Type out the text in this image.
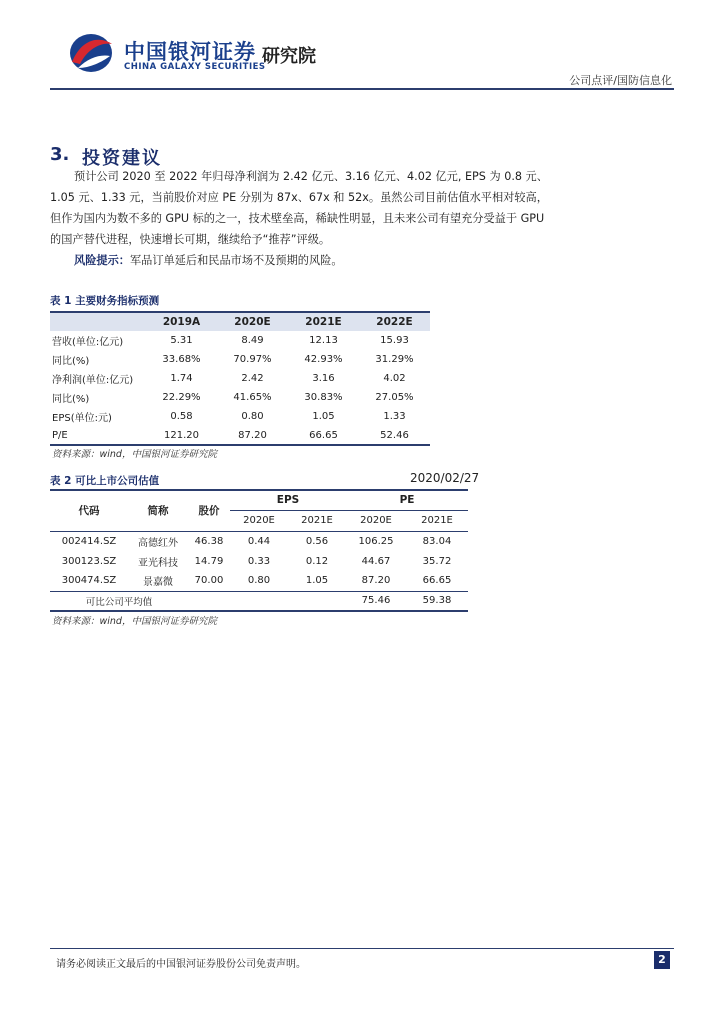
中国银河证券
CHINA GALAXY SECURITIES
研究院
公司点评/国防信息化
3. 投资建议

预计公司 2020 至 2022 年归母净利润为 2.42 亿元、3.16 亿元、4.02 亿元, EPS 为 0.8 元、1.05 元、1.33 元，当前股价对应 PE 分别为 87x、67x 和 52x。虽然公司目前估值水平相对较高，但作为国内为数不多的 GPU 标的之一，技术壁垒高，稀缺性明显，且未来公司有望充分受益于 GPU 的国产替代进程，快速增长可期，继续给予“推荐”评级。

风险提示：军品订单延后和民品市场不及预期的风险。
表 1 主要财务指标预测
	2019A	2020E	2021E	2022E
营收(单位:亿元)	5.31	8.49	12.13	15.93
同比(%)	33.68%	70.97%	42.93%	31.29%
净利润(单位:亿元)	1.74	2.42	3.16	4.02
同比(%)	22.29%	41.65%	30.83%	27.05%
EPS(单位:元)	0.58	0.80	1.05	1.33
P/E	121.20	87.20	66.65	52.46
资料来源：wind，中国银河证券研究院
表 2 可比上市公司估值	2020/02/27
代码	简称	股价	EPS		PE	
			2020E	2021E	2020E	2021E
002414.SZ	高德红外	46.38	0.44	0.56	106.25	83.04
300123.SZ	亚光科技	14.79	0.33	0.12	44.67	35.72
300474.SZ	景嘉微	70.00	0.80	1.05	87.20	66.65
可比公司平均值					75.46	59.38
资料来源：wind，中国银河证券研究院
请务必阅读正文最后的中国银河证券股份公司免责声明。	2
